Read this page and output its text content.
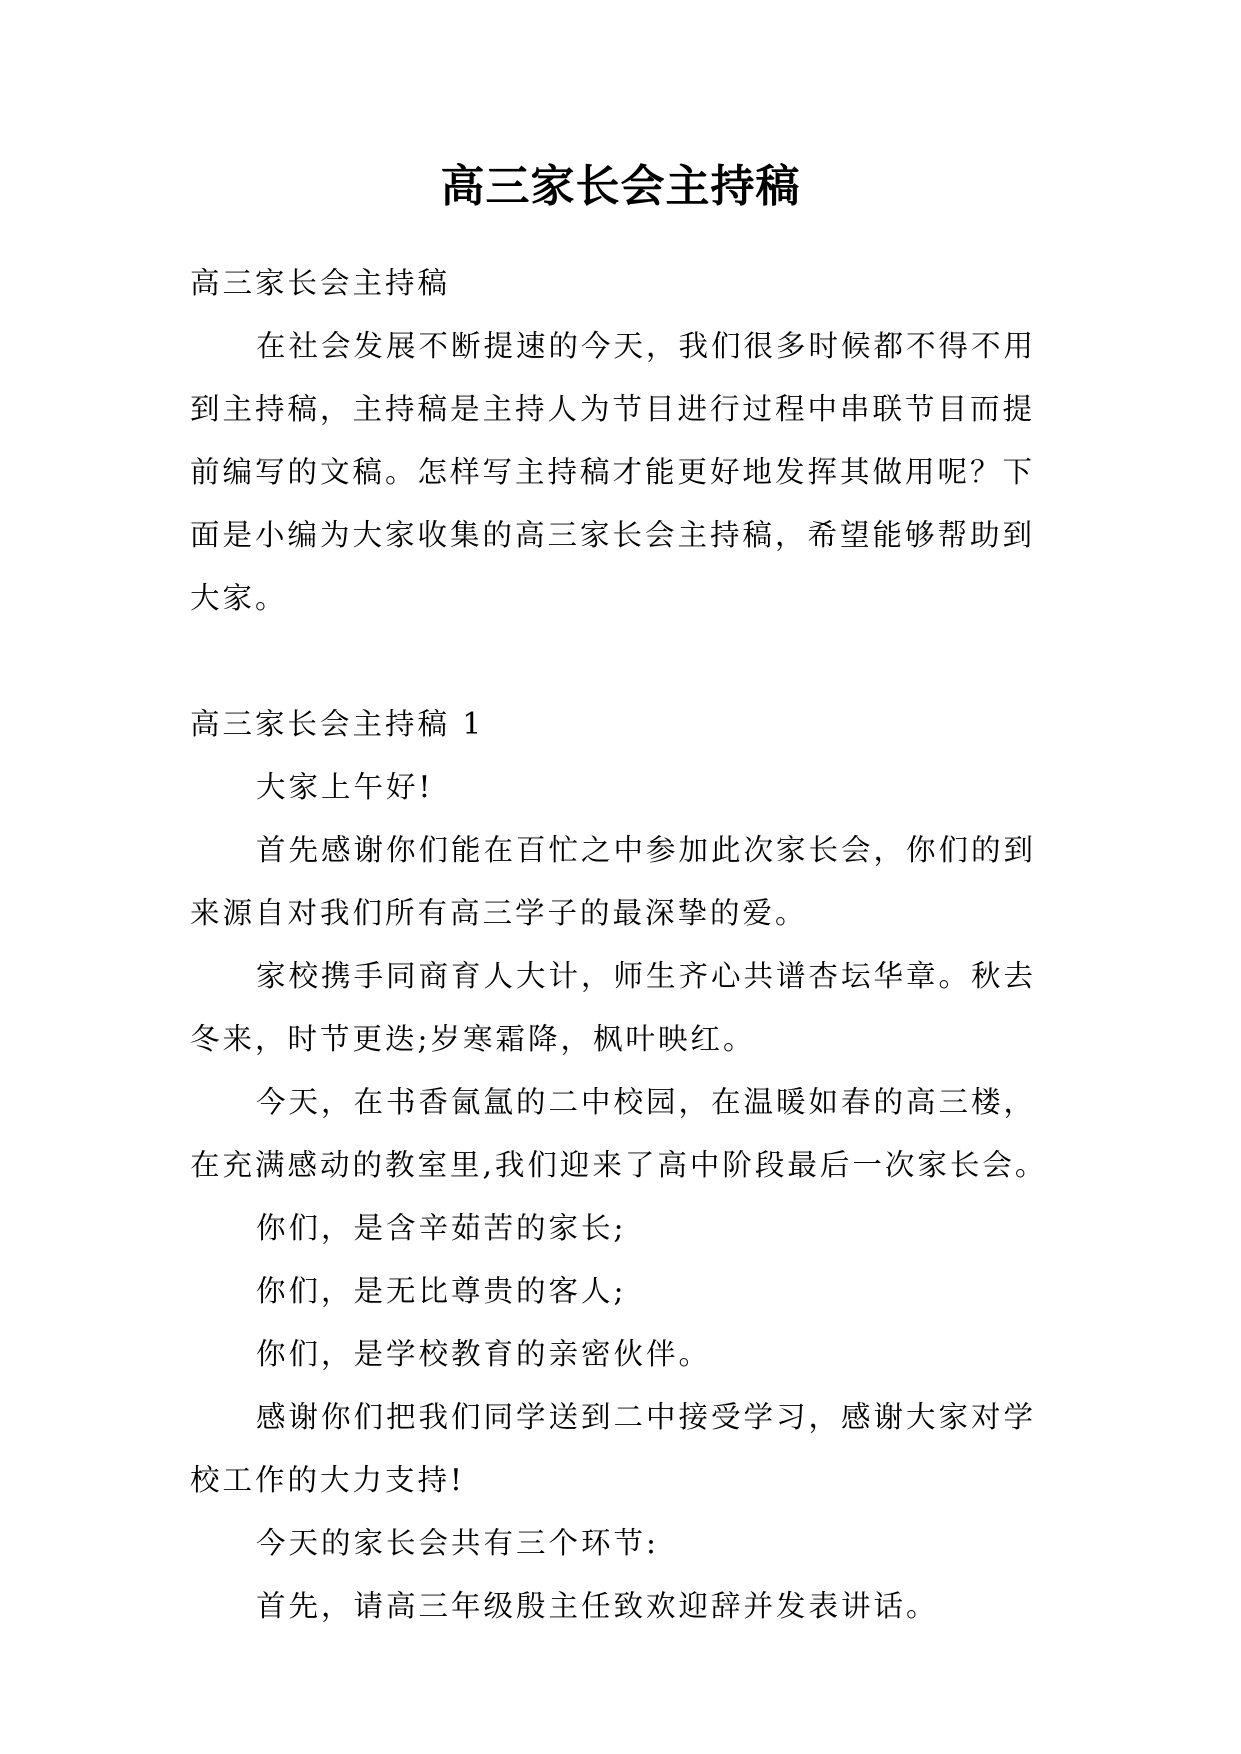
高三家长会主持稿

高三家长会主持稿

在社会发展不断提速的今天，我们很多时候都不得不用到主持稿，主持稿是主持人为节目进行过程中串联节目而提前编写的文稿。怎样写主持稿才能更好地发挥其做用呢？下面是小编为大家收集的高三家长会主持稿，希望能够帮助到大家。

高三家长会主持稿 1

大家上午好!

首先感谢你们能在百忙之中参加此次家长会，你们的到来源自对我们所有高三学子的最深挚的爱。

家校携手同商育人大计，师生齐心共谱杏坛华章。秋去冬来，时节更迭;岁寒霜降，枫叶映红。

今天，在书香氤氲的二中校园，在温暖如春的高三楼，在充满感动的教室里,我们迎来了高中阶段最后一次家长会。

你们，是含辛茹苦的家长;

你们，是无比尊贵的客人;

你们，是学校教育的亲密伙伴。

感谢你们把我们同学送到二中接受学习，感谢大家对学校工作的大力支持!

今天的家长会共有三个环节:

首先，请高三年级殷主任致欢迎辞并发表讲话。
